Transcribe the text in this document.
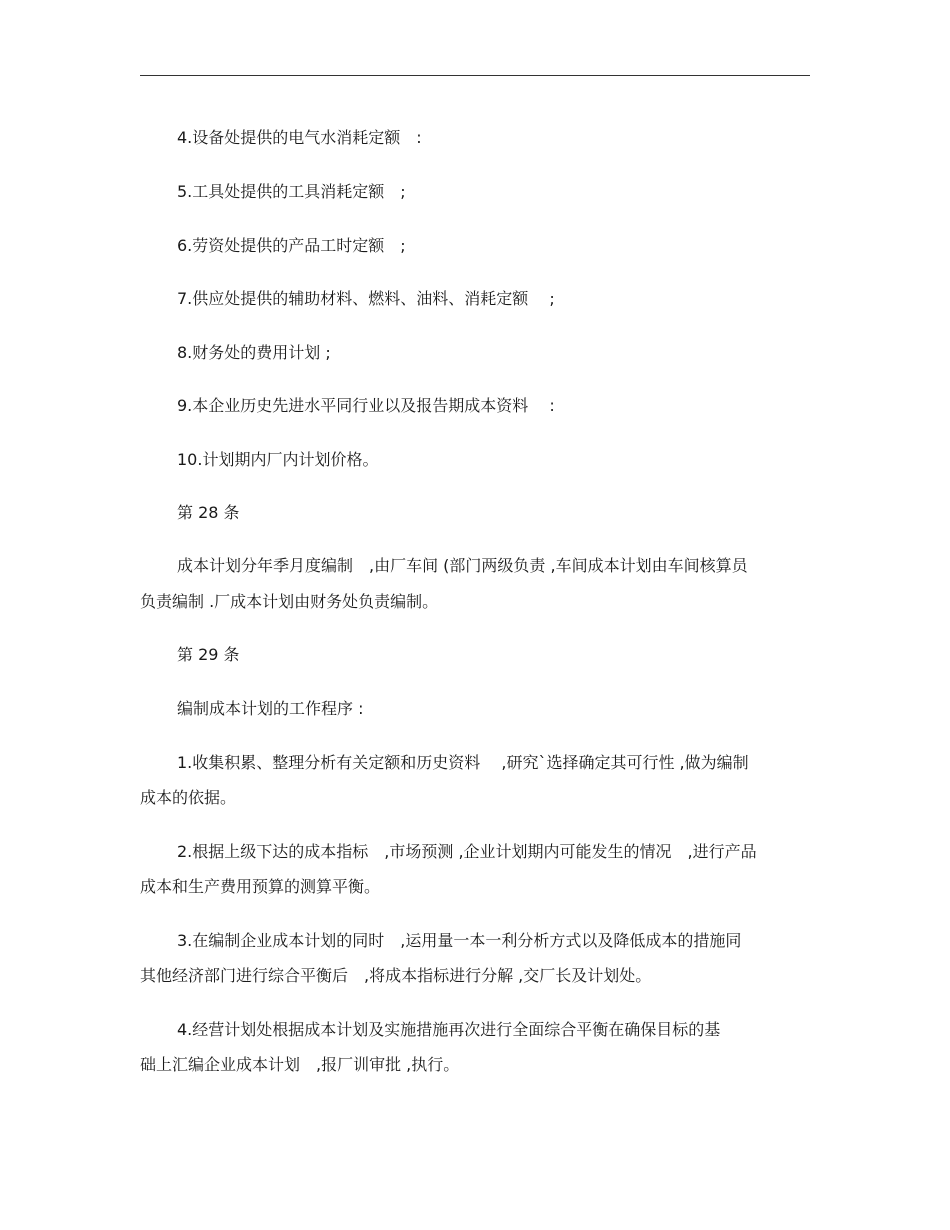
4.设备处提供的电气水消耗定额　:
5.工具处提供的工具消耗定额　;
6.劳资处提供的产品工时定额　;
7.供应处提供的辅助材料、燃料、油料、消耗定额　 ;
8.财务处的费用计划 ;
9.本企业历史先进水平同行业以及报告期成本资料　 :
10.计划期内厂内计划价格。
第 28 条
成本计划分年季月度编制　,由厂车间 (部门两级负责 ,车间成本计划由车间核算员
负责编制 .厂成本计划由财务处负责编制。
第 29 条
编制成本计划的工作程序 :
1.收集积累、整理分析有关定额和历史资料　 ,研究`选择确定其可行性 ,做为编制
成本的依据。
2.根据上级下达的成本指标　,市场预测 ,企业计划期内可能发生的情况　,进行产品
成本和生产费用预算的测算平衡。
3.在编制企业成本计划的同时　,运用量一本一利分析方式以及降低成本的措施同
其他经济部门进行综合平衡后　,将成本指标进行分解 ,交厂长及计划处。
4.经营计划处根据成本计划及实施措施再次进行全面综合平衡在确保目标的基
础上汇编企业成本计划　,报厂训审批 ,执行。
